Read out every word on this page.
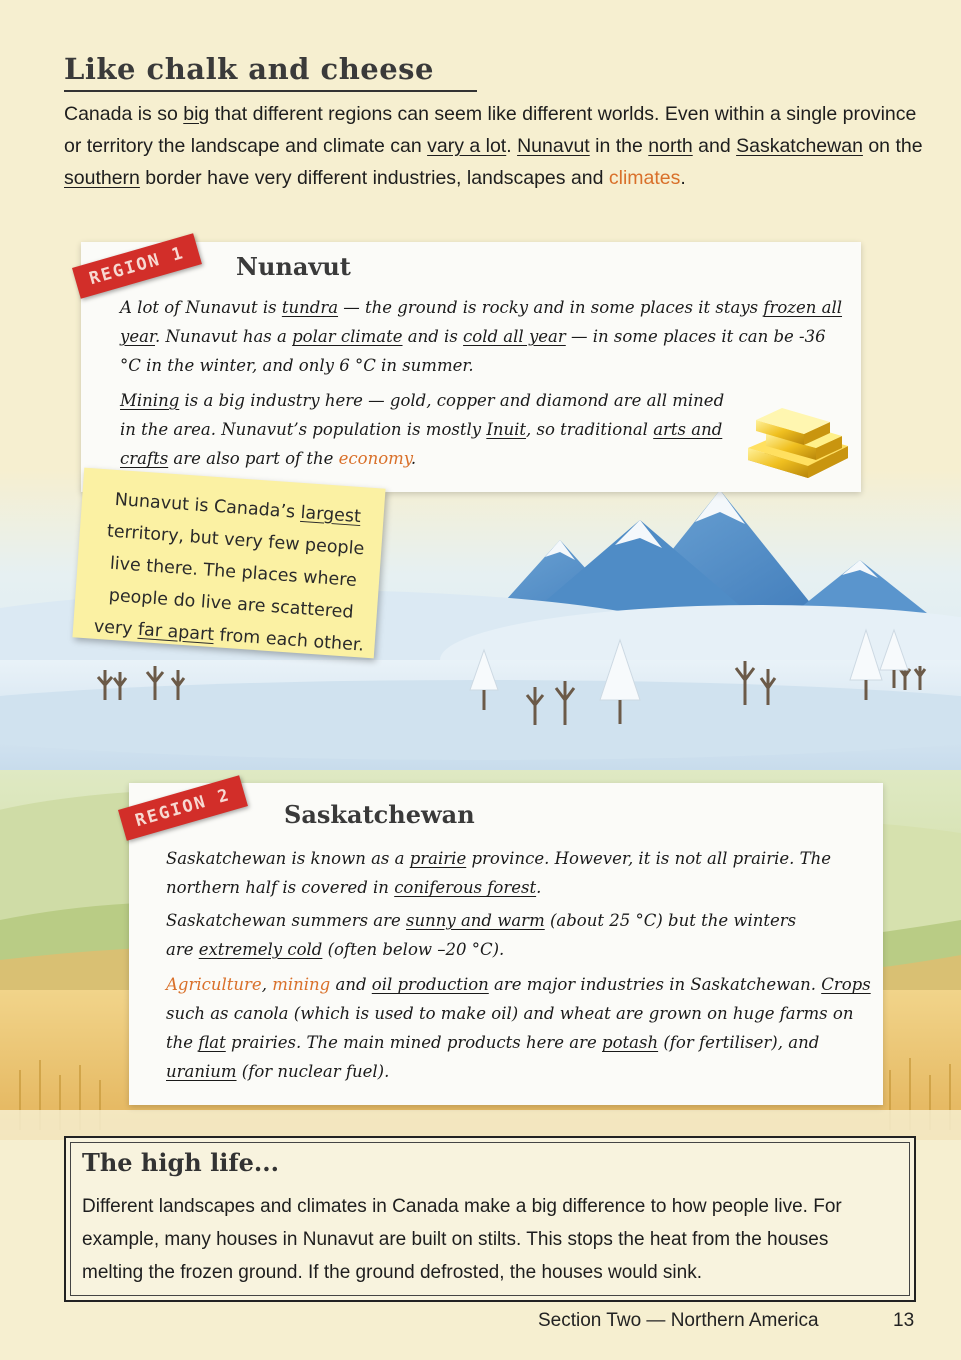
Like chalk and cheese

Canada is so big that different regions can seem like different worlds. Even within a single province or territory the landscape and climate can vary a lot. Nunavut in the north and Saskatchewan on the southern border have very different industries, landscapes and climates.

REGION 1	Nunavut

A lot of Nunavut is tundra — the ground is rocky and in some places it stays frozen all year. Nunavut has a polar climate and is cold all year — in some places it can be -36 °C in the winter, and only 6 °C in summer.

Mining is a big industry here — gold, copper and diamond are all mined in the area. Nunavut’s population is mostly Inuit, so traditional arts and crafts are also part of the economy.

Nunavut is Canada’s largest territory, but very few people live there. The places where people do live are scattered very far apart from each other.

REGION 2	Saskatchewan

Saskatchewan is known as a prairie province. However, it is not all prairie. The northern half is covered in coniferous forest.

Saskatchewan summers are sunny and warm (about 25 °C) but the winters are extremely cold (often below –20 °C).

Agriculture, mining and oil production are major industries in Saskatchewan. Crops such as canola (which is used to make oil) and wheat are grown on huge farms on the flat prairies. The main mined products here are potash (for fertiliser), and uranium (for nuclear fuel).

The high life...

Different landscapes and climates in Canada make a big difference to how people live. For example, many houses in Nunavut are built on stilts. This stops the heat from the houses melting the frozen ground. If the ground defrosted, the houses would sink.

Section Two — Northern America	13
